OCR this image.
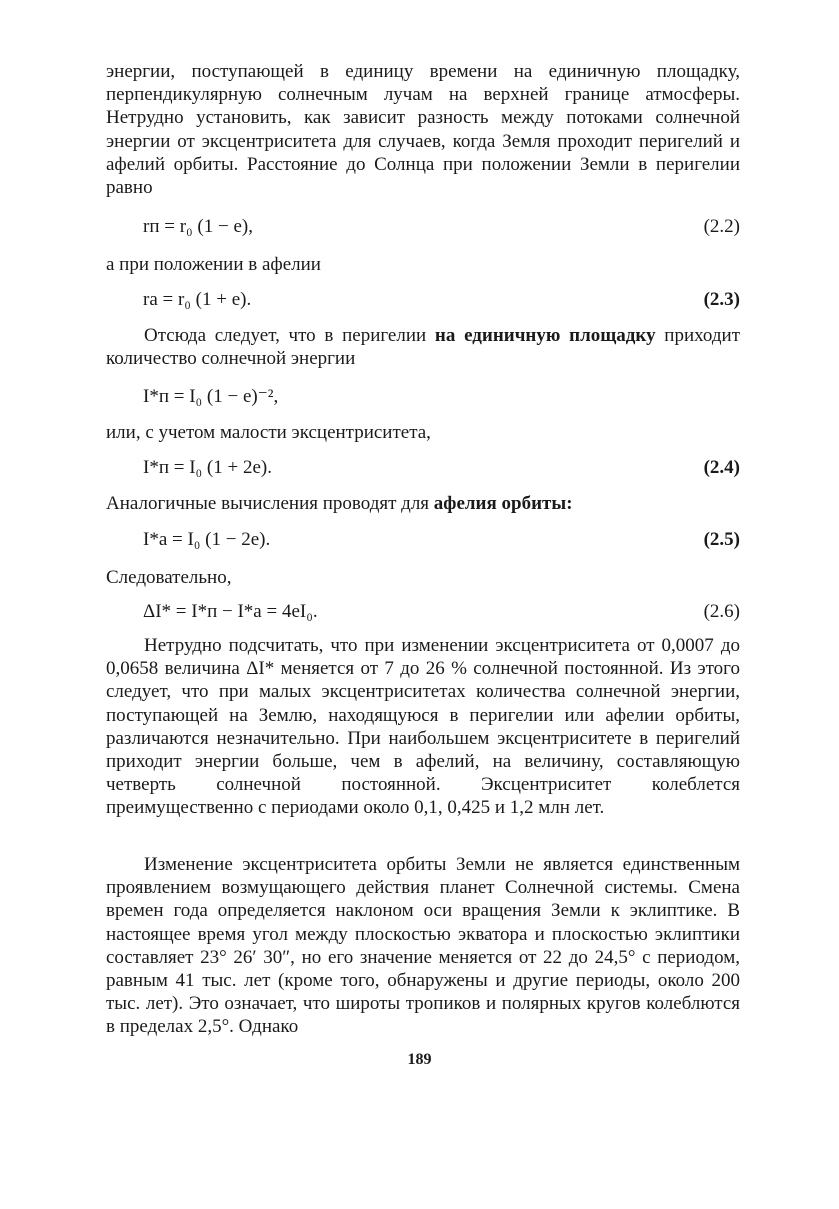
энергии, поступающей в единицу времени на единичную площадку, перпендикулярную солнечным лучам на верхней границе атмосферы. Нетрудно установить, как зависит разность между потоками солнечной энергии от эксцентриситета для случаев, когда Земля проходит перигелий и афелий орбиты. Расстояние до Солнца при положении Земли в перигелии равно

rп = r₀ (1 − e),	(2.2)

а при положении в афелии

rа = r₀ (1 + e).	(2.3)

Отсюда следует, что в перигелии на единичную площадку приходит количество солнечной энергии

I*п = I₀ (1 − e)⁻²,

или, с учетом малости эксцентриситета,

I*п = I₀ (1 + 2e).	(2.4)

Аналогичные вычисления проводят для афелия орбиты:

I*а = I₀ (1 − 2e).	(2.5)

Следовательно,

ΔI* = I*п − I*а = 4eI₀.	(2.6)

Нетрудно подсчитать, что при изменении эксцентриситета от 0,0007 до 0,0658 величина ΔI* меняется от 7 до 26 % солнечной постоянной. Из этого следует, что при малых эксцентриситетах количества солнечной энергии, поступающей на Землю, находящуюся в перигелии или афелии орбиты, различаются незначительно. При наибольшем эксцентриситете в перигелий приходит энергии больше, чем в афелий, на величину, составляющую четверть солнечной постоянной. Эксцентриситет колеблется преимущественно с периодами около 0,1, 0,425 и 1,2 млн лет.

Изменение эксцентриситета орбиты Земли не является единственным проявлением возмущающего действия планет Солнечной системы. Смена времен года определяется наклоном оси вращения Земли к эклиптике. В настоящее время угол между плоскостью экватора и плоскостью эклиптики составляет 23° 26′ 30″, но его значение меняется от 22 до 24,5° с периодом, равным 41 тыс. лет (кроме того, обнаружены и другие периоды, около 200 тыс. лет). Это означает, что широты тропиков и полярных кругов колеблются в пределах 2,5°. Однако

189
